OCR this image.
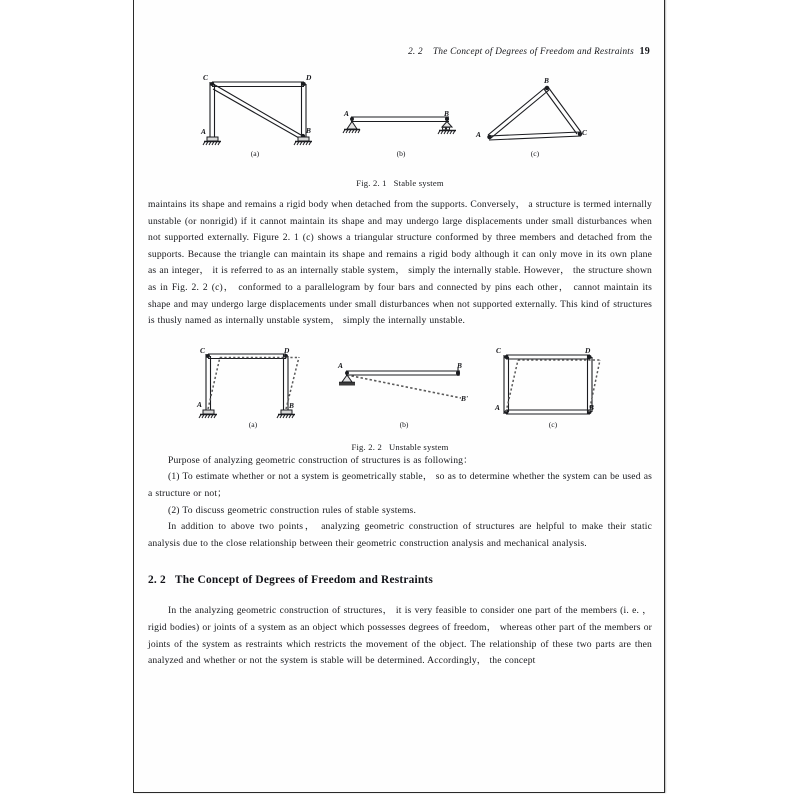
2. 2 The Concept of Degrees of Freedom and Restraints 19
C	D
A	B
(a)
A	B
(b)
A
B
C
(c)
Fig. 2. 1 Stable system

maintains its shape and remains a rigid body when detached from the supports. Conversely， a structure is termed internally unstable (or nonrigid) if it cannot maintain its shape and may undergo large displacements under small disturbances when not supported externally. Figure 2. 1 (c) shows a triangular structure conformed by three members and detached from the supports. Because the triangle can maintain its shape and remains a rigid body although it can only move in its own plane as an integer， it is referred to as an internally stable system， simply the internally stable. However， the structure shown as in Fig. 2. 2 (c)， conformed to a parallelogram by four bars and connected by pins each other， cannot maintain its shape and may undergo large displacements under small disturbances when not supported externally. This kind of structures is thusly named as internally unstable system， simply the internally unstable.

C	D
A	B
(a)
A	B
B'
(b)
C	D
A	B
(c)
Fig. 2. 2 Unstable system

Purpose of analyzing geometric construction of structures is as following：

(1) To estimate whether or not a system is geometrically stable， so as to determine whether the system can be used as a structure or not；

(2) To discuss geometric construction rules of stable systems.

In addition to above two points， analyzing geometric construction of structures are helpful to make their static analysis due to the close relationship between their geometric construction analysis and mechanical analysis.

2. 2 The Concept of Degrees of Freedom and Restraints

In the analyzing geometric construction of structures， it is very feasible to consider one part of the members (i. e. ， rigid bodies) or joints of a system as an object which possesses degrees of freedom， whereas other part of the members or joints of the system as restraints which restricts the movement of the object. The relationship of these two parts are then analyzed and whether or not the system is stable will be determined. Accordingly， the concept
